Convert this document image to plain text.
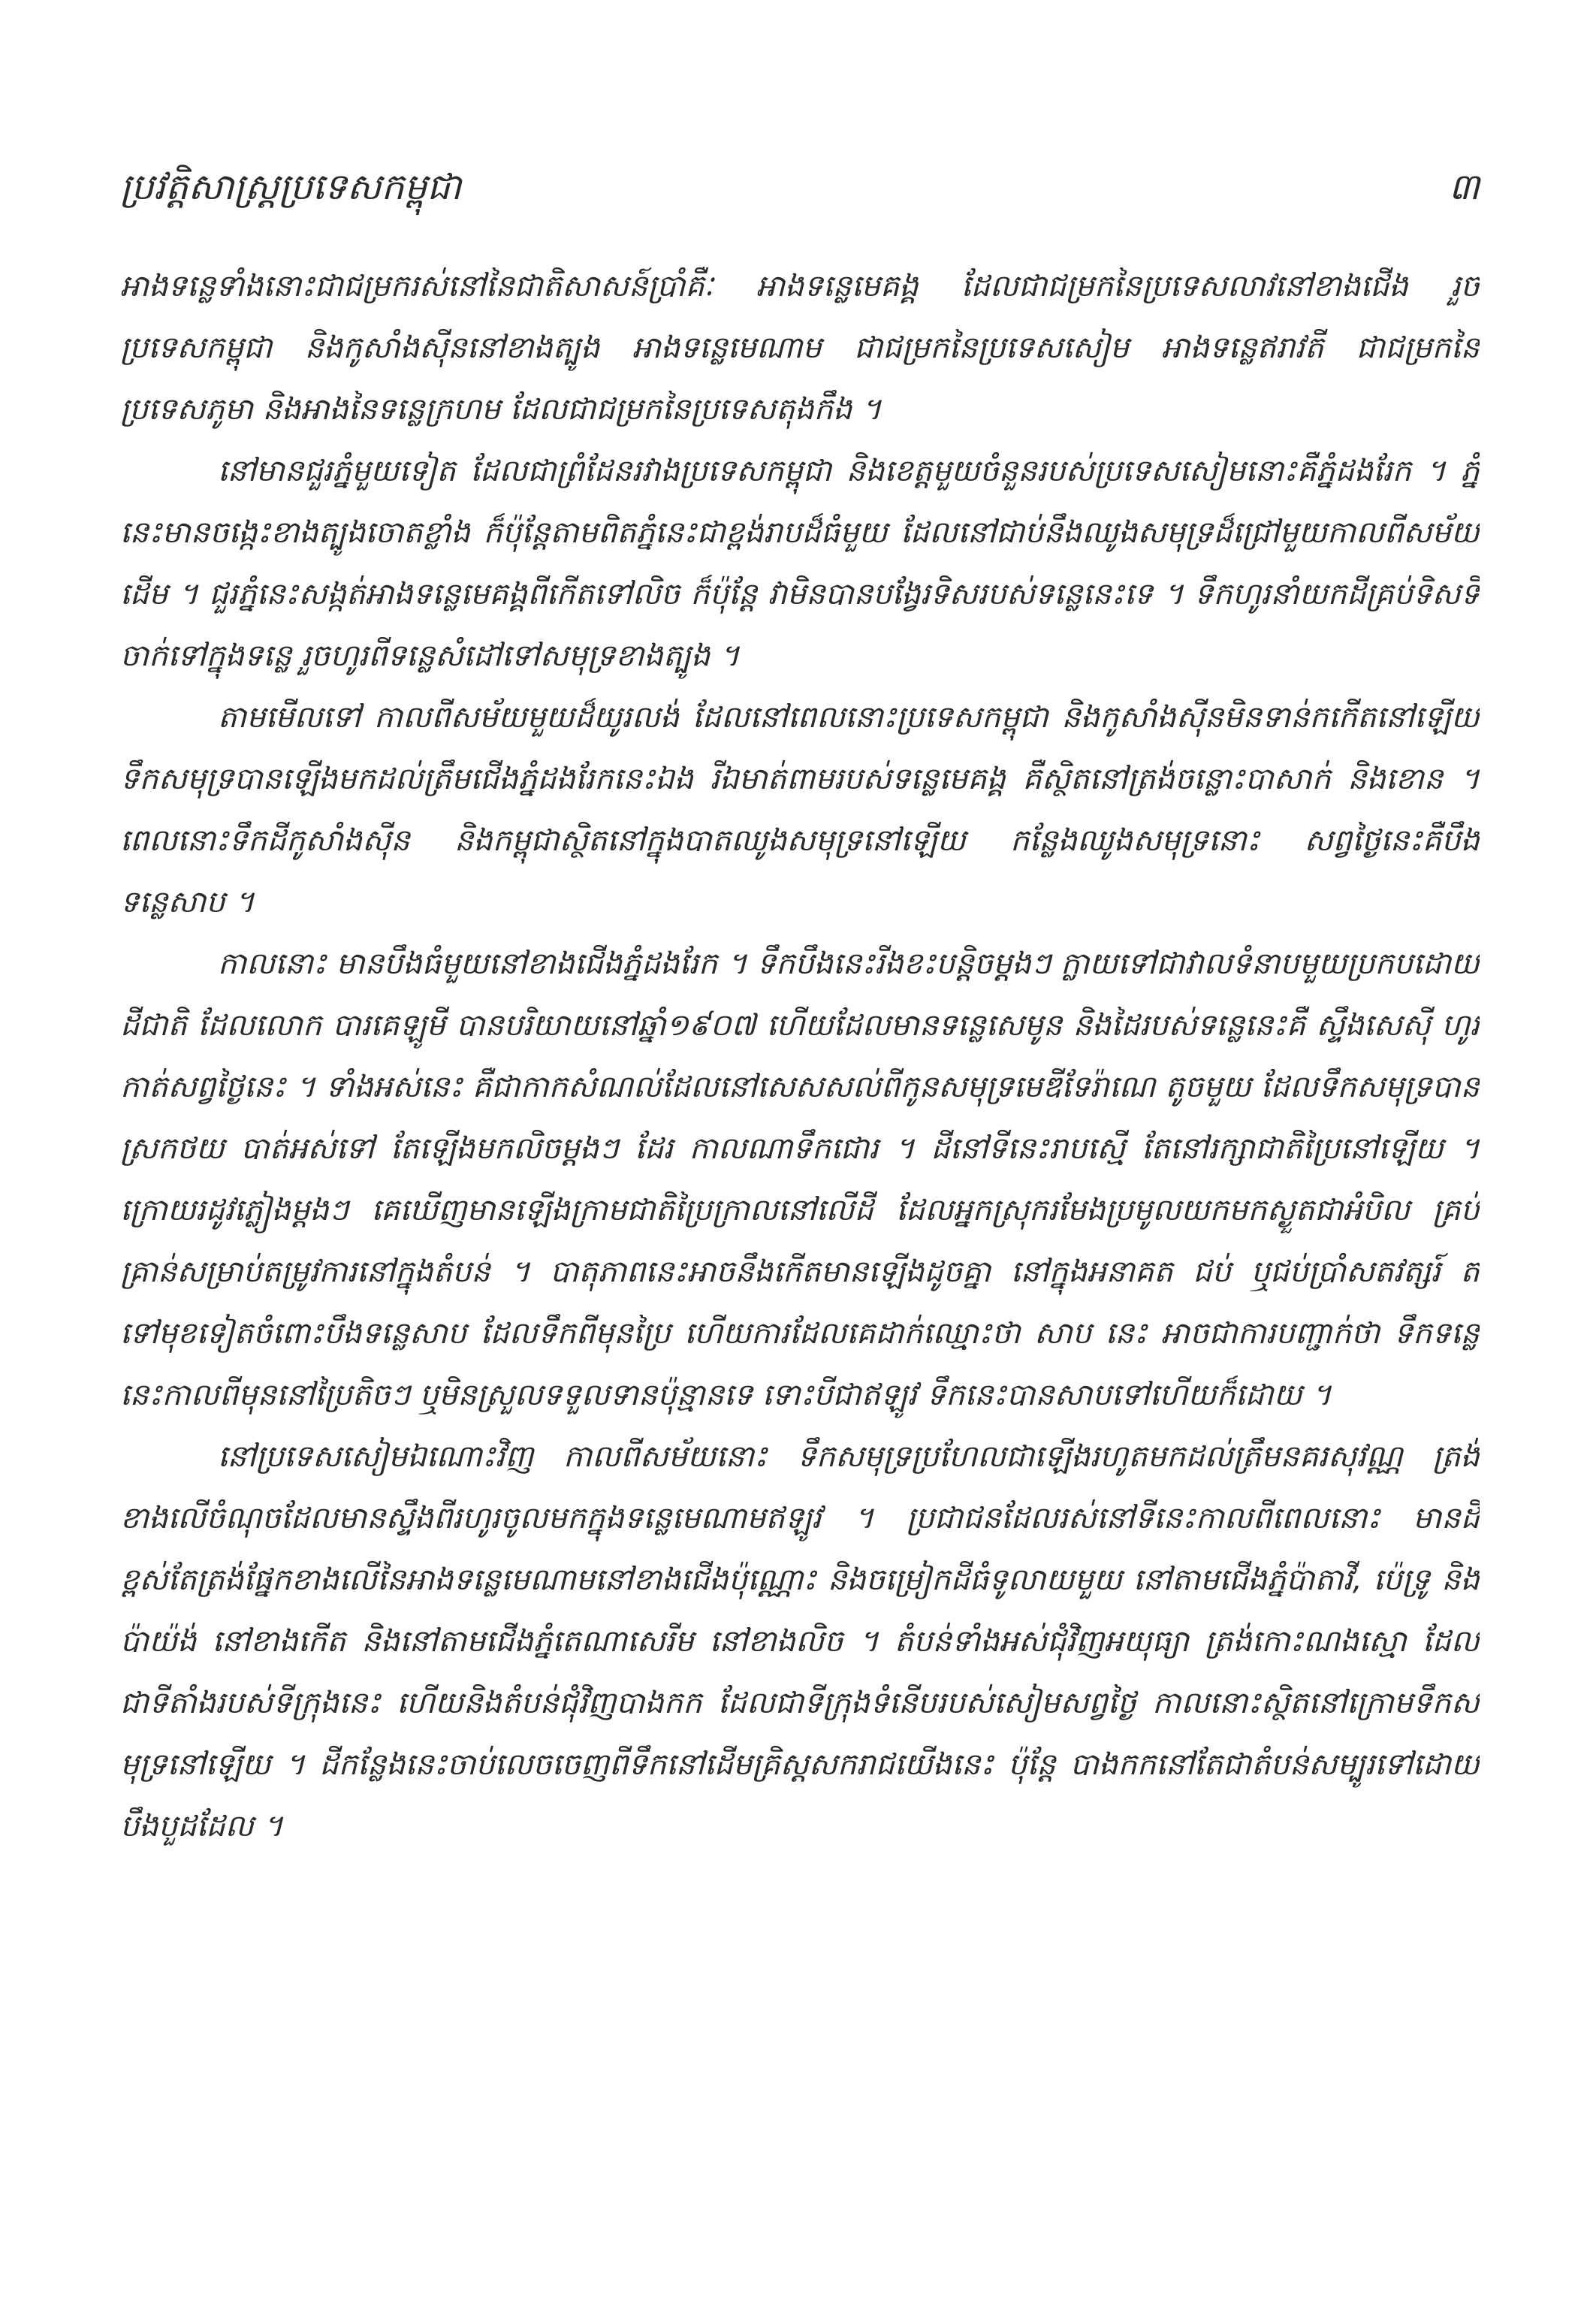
ប្រវត្តិសាស្ត្រប្រទេសកម្ពុជា	៣

អាងទន្លេទាំងនោះជាជម្រករស់នៅនៃជាតិសាសន៍ប្រាំគឺៈ អាងទន្លេមេគង្គ ដែលជាជម្រកនៃប្រទេសលាវនៅខាងជើង រួចប្រទេសកម្ពុជា និងកូសាំងស៊ីននៅខាងត្បូង អាងទន្លេមេណាម ជាជម្រកនៃប្រទេសសៀម អាងទន្លេឥរាវតី ជាជម្រកនៃប្រទេសភូមា និងអាងនៃទន្លេក្រហម ដែលជាជម្រកនៃប្រទេសតុងកឹង ។

នៅមានជួរភ្នំមួយទៀត ដែលជាព្រំដែនរវាងប្រទេសកម្ពុជា និងខេត្តមួយចំនួនរបស់ប្រទេសសៀមនោះគឺភ្នំដងរែក ។ ភ្នំនេះមានចង្កេះខាងត្បូងចោតខ្លាំង ក៏ប៉ុន្តែតាមពិតភ្នំនេះជាខ្ពង់រាបដ៏ធំមួយ ដែលនៅជាប់នឹងឈូងសមុទ្រដ៏ជ្រៅមួយកាលពីសម័យដើម ។ ជួរភ្នំនេះសង្កត់អាងទន្លេមេគង្គពីកើតទៅលិច ក៏ប៉ុន្តែ វាមិនបានបង្វែរទិសរបស់ទន្លេនេះទេ ។ ទឹកហូរនាំយកដីគ្រប់ទិសទីចាក់ទៅក្នុងទន្លេ រួចហូរពីទន្លេសំដៅទៅសមុទ្រខាងត្បូង ។

តាមមើលទៅ កាលពីសម័យមួយដ៏យូរលង់ ដែលនៅពេលនោះប្រទេសកម្ពុជា និងកូសាំងស៊ីនមិនទាន់កកើតនៅឡើយ ទឹកសមុទ្របានឡើងមកដល់ត្រឹមជើងភ្នំដងរែកនេះឯង រីឯមាត់ពាមរបស់ទន្លេមេគង្គ គឺស្ថិតនៅត្រង់ចន្លោះបាសាក់ និងខោន ។ ពេលនោះទឹកដីកូសាំងស៊ីន និងកម្ពុជាស្ថិតនៅក្នុងបាតឈូងសមុទ្រនៅឡើយ កន្លែងឈូងសមុទ្រនោះ សព្វថ្ងៃនេះគឺបឹងទន្លេសាប ។

កាលនោះ មានបឹងធំមួយនៅខាងជើងភ្នំដងរែក ។ ទឹកបឹងនេះរីងខះបន្តិចម្តងៗ ក្លាយទៅជាវាលទំនាបមួយប្រកបដោយដីជាតិ ដែលលោក បារគេឡូមី បានបរិយាយនៅឆ្នាំ១៩០៧ ហើយដែលមានទន្លេសេមូន និងដៃរបស់ទន្លេនេះគឺ ស្ទឹងសេស៊ី ហូរកាត់សព្វថ្ងៃនេះ ។ ទាំងអស់នេះ គឺជាកាកសំណល់ដែលនៅសេសសល់ពីកូនសមុទ្រមេឌីទែរ៉ាណេ តូចមួយ ដែលទឹកសមុទ្របានស្រកថយ បាត់អស់ទៅ តែឡើងមកលិចម្តងៗ ដែរ កាលណាទឹកជោរ ។ ដីនៅទីនេះរាបស្មើ តែនៅរក្សាជាតិប្រៃនៅឡើយ ។ ក្រោយរដូវភ្លៀងម្តងៗ គេឃើញមានឡើងក្រាមជាតិប្រៃក្រាលនៅលើដី ដែលអ្នកស្រុករមែងប្រមូលយកមកស្ងួតជាអំបិល គ្រប់គ្រាន់សម្រាប់តម្រូវការនៅក្នុងតំបន់ ។ បាតុភាពនេះអាចនឹងកើតមានឡើងដូចគ្នា នៅក្នុងអនាគត ជប់ ឬជប់ប្រាំសតវត្សរ៍ តទៅមុខទៀតចំពោះបឹងទន្លេសាប ដែលទឹកពីមុនប្រៃ ហើយការដែលគេដាក់ឈ្មោះថា សាប នេះ អាចជាការបញ្ជាក់ថា ទឹកទន្លេនេះកាលពីមុននៅប្រៃតិចៗ ឬមិនស្រួលទទួលទានប៉ុន្មានទេ ទោះបីជាឥឡូវ ទឹកនេះបានសាបទៅហើយក៏ដោយ ។

នៅប្រទេសសៀមឯណោះវិញ កាលពីសម័យនោះ ទឹកសមុទ្រប្រហែលជាឡើងរហូតមកដល់ត្រឹមនគរសុវណ្ណ ត្រង់ខាងលើចំណុចដែលមានស្ទឹងពីរហូរចូលមកក្នុងទន្លេមេណាមឥឡូវ ។ ប្រជាជនដែលរស់នៅទីនេះកាលពីពេលនោះ មានដីខ្ពស់តែត្រង់ផ្នែកខាងលើនៃអាងទន្លេមេណាមនៅខាងជើងប៉ុណ្ណោះ និងចម្រៀកដីធំទូលាយមួយ នៅតាមជើងភ្នំប៉ាតាវី, ប៉េទ្រូ និងប៉ាយ៉ង់ នៅខាងកើត និងនៅតាមជើងភ្នំតេណាសេរីម នៅខាងលិច ។ តំបន់ទាំងអស់ជុំវិញអយុធ្យា ត្រង់កោះណងស្មោ ដែលជាទីតាំងរបស់ទីក្រុងនេះ ហើយនិងតំបន់ជុំវិញបាងកក ដែលជាទីក្រុងទំនើបរបស់សៀមសព្វថ្ងៃ កាលនោះស្ថិតនៅក្រោមទឹកសមុទ្រនៅឡើយ ។ ដីកន្លែងនេះចាប់លេចចេញពីទឹកនៅដើមគ្រិស្តសករាជយើងនេះ ប៉ុន្តែ បាងកកនៅតែជាតំបន់សម្បូរទៅដោយបឹងបួដដែល ។
